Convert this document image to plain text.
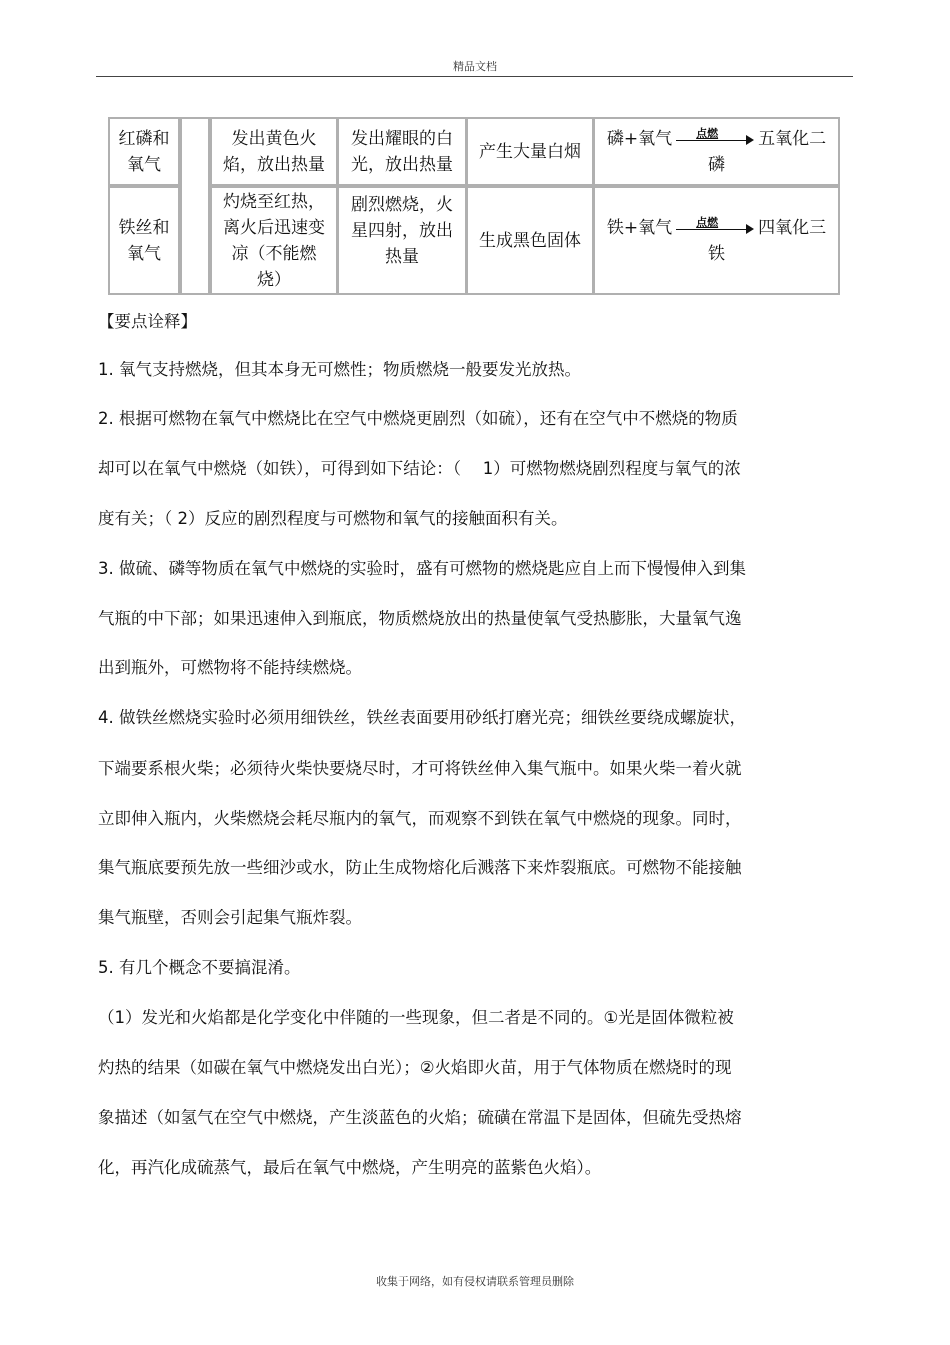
精品文档
红磷和
氧气
发出黄色火
焰，放出热量
发出耀眼的白
光，放出热量
产生大量白烟
磷+氧气 点燃 五氧化二
磷
铁丝和
氧气
灼烧至红热，
离火后迅速变
凉（不能燃
烧）
剧烈燃烧，火
星四射，放出
热量
生成黑色固体
铁+氧气 点燃 四氧化三
铁
【要点诠释】
1. 氧气支持燃烧，但其本身无可燃性；物质燃烧一般要发光放热。
2. 根据可燃物在氧气中燃烧比在空气中燃烧更剧烈（如硫），还有在空气中不燃烧的物质
却可以在氧气中燃烧（如铁），可得到如下结论：（　 1）可燃物燃烧剧烈程度与氧气的浓
度有关；（ 2）反应的剧烈程度与可燃物和氧气的接触面积有关。
3. 做硫、磷等物质在氧气中燃烧的实验时，盛有可燃物的燃烧匙应自上而下慢慢伸入到集
气瓶的中下部；如果迅速伸入到瓶底，物质燃烧放出的热量使氧气受热膨胀，大量氧气逸
出到瓶外，可燃物将不能持续燃烧。
4. 做铁丝燃烧实验时必须用细铁丝，铁丝表面要用砂纸打磨光亮；细铁丝要绕成螺旋状，
下端要系根火柴；必须待火柴快要烧尽时，才可将铁丝伸入集气瓶中。如果火柴一着火就
立即伸入瓶内，火柴燃烧会耗尽瓶内的氧气，而观察不到铁在氧气中燃烧的现象。同时，
集气瓶底要预先放一些细沙或水，防止生成物熔化后溅落下来炸裂瓶底。可燃物不能接触
集气瓶壁，否则会引起集气瓶炸裂。
5. 有几个概念不要搞混淆。
（1）发光和火焰都是化学变化中伴随的一些现象，但二者是不同的。①光是固体微粒被
灼热的结果（如碳在氧气中燃烧发出白光）；②火焰即火苗，用于气体物质在燃烧时的现
象描述（如氢气在空气中燃烧，产生淡蓝色的火焰；硫磺在常温下是固体，但硫先受热熔
化，再汽化成硫蒸气，最后在氧气中燃烧，产生明亮的蓝紫色火焰）。
收集于网络，如有侵权请联系管理员删除
